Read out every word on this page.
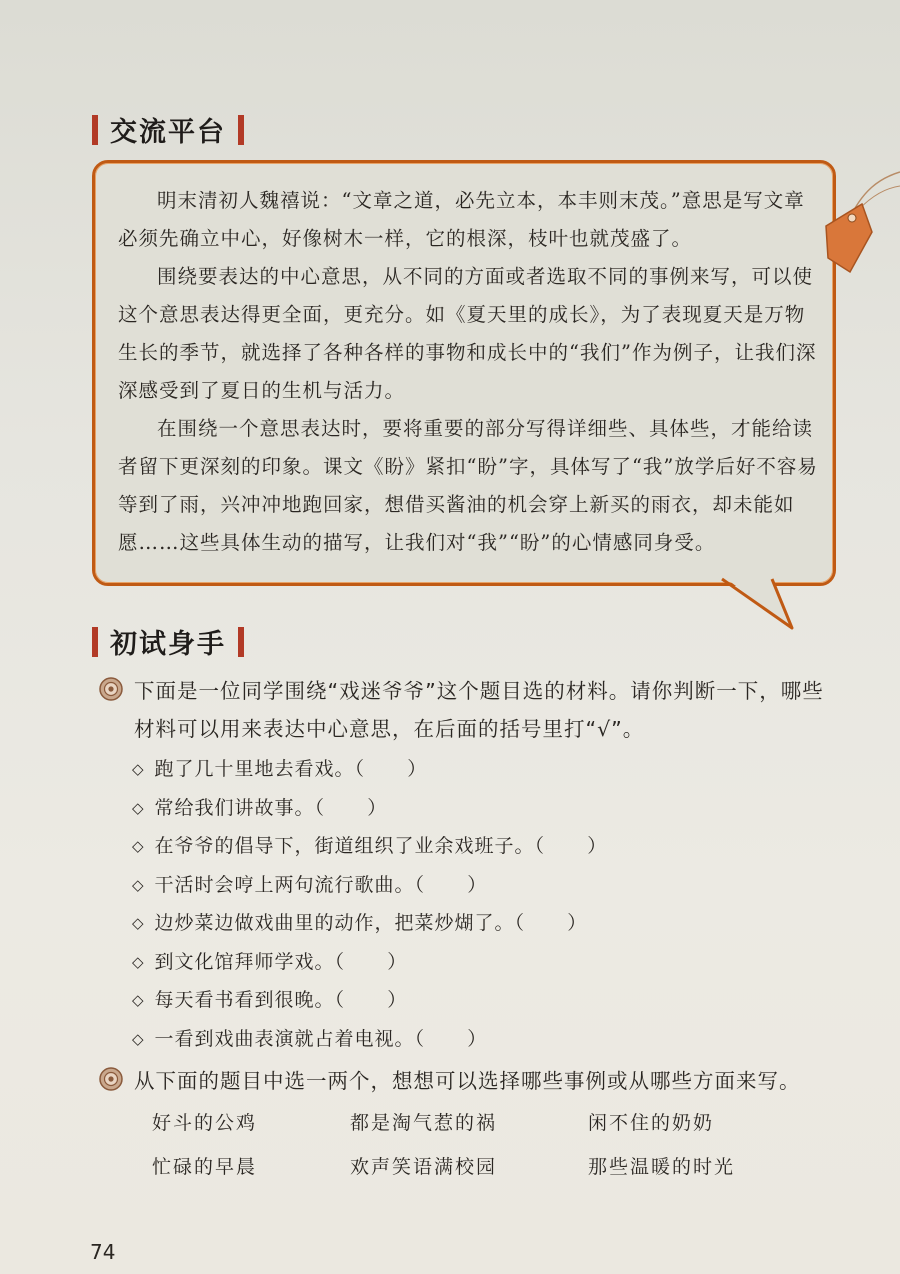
交流平台

明末清初人魏禧说：“文章之道，必先立本，本丰则末茂。”意思是写文章必须先确立中心，好像树木一样，它的根深，枝叶也就茂盛了。

围绕要表达的中心意思，从不同的方面或者选取不同的事例来写，可以使这个意思表达得更全面，更充分。如《夏天里的成长》，为了表现夏天是万物生长的季节，就选择了各种各样的事物和成长中的“我们”作为例子，让我们深深感受到了夏日的生机与活力。

在围绕一个意思表达时，要将重要的部分写得详细些、具体些，才能给读者留下更深刻的印象。课文《盼》紧扣“盼”字，具体写了“我”放学后好不容易等到了雨，兴冲冲地跑回家，想借买酱油的机会穿上新买的雨衣，却未能如愿……这些具体生动的描写，让我们对“我”“盼”的心情感同身受。

初试身手
下面是一位同学围绕“戏迷爷爷”这个题目选的材料。请你判断一下，哪些材料可以用来表达中心意思，在后面的括号里打“√”。
◇ 跑了几十里地去看戏。（      ）
◇ 常给我们讲故事。（      ）
◇ 在爷爷的倡导下，街道组织了业余戏班子。（      ）
◇ 干活时会哼上两句流行歌曲。（      ）
◇ 边炒菜边做戏曲里的动作，把菜炒煳了。（      ）
◇ 到文化馆拜师学戏。（      ）
◇ 每天看书看到很晚。（      ）
◇ 一看到戏曲表演就占着电视。（      ）
从下面的题目中选一两个，想想可以选择哪些事例或从哪些方面来写。
好斗的公鸡	都是淘气惹的祸	闲不住的奶奶
忙碌的早晨	欢声笑语满校园	那些温暖的时光
74
